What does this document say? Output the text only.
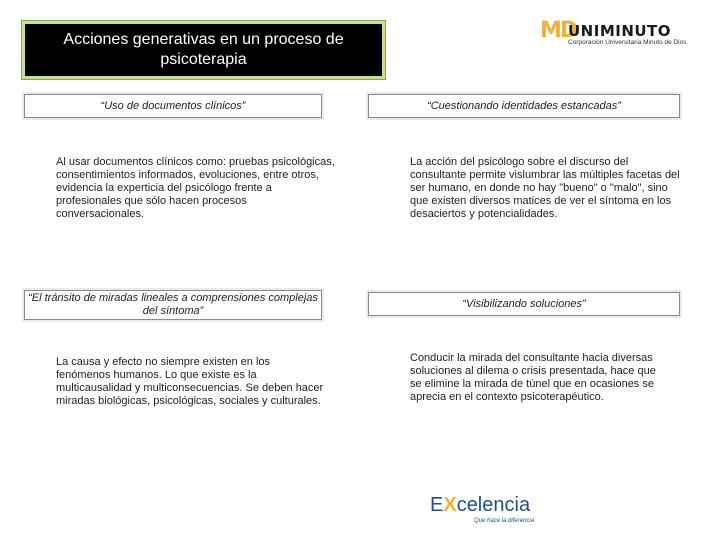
Acciones generativas en un proceso de psicoterapia
MD
UNIMINUTO
Corporación Universitaria Minuto de Dios
“Uso de documentos clínicos”
Al usar documentos clínicos como: pruebas psicológicas, consentimientos informados, evoluciones, entre otros, evidencia la experticia del psicólogo frente a profesionales que sólo hacen procesos conversacionales.
“Cuestionando identidades estancadas”
La acción del psicólogo sobre el discurso del consultante permite vislumbrar las múltiples facetas del ser humano, en donde no hay "bueno" o "malo", sino que existen diversos matices de ver el síntoma en los desaciertos y potencialidades.
“El tránsito de miradas lineales a comprensiones complejas del síntoma”
La causa y efecto no siempre existen en los fenómenos humanos. Lo que existe es la multicausalidad y multiconsecuencias. Se deben hacer miradas biológicas, psicológicas, sociales y culturales.
“Visibilizando soluciones”
Conducir la mirada del consultante hacia diversas soluciones al dilema o crisis presentada, hace que se elimine la mirada de túnel que en ocasiones se aprecia en el contexto psicoterapéutico.
EXcelencia
Que hace la diferencia
